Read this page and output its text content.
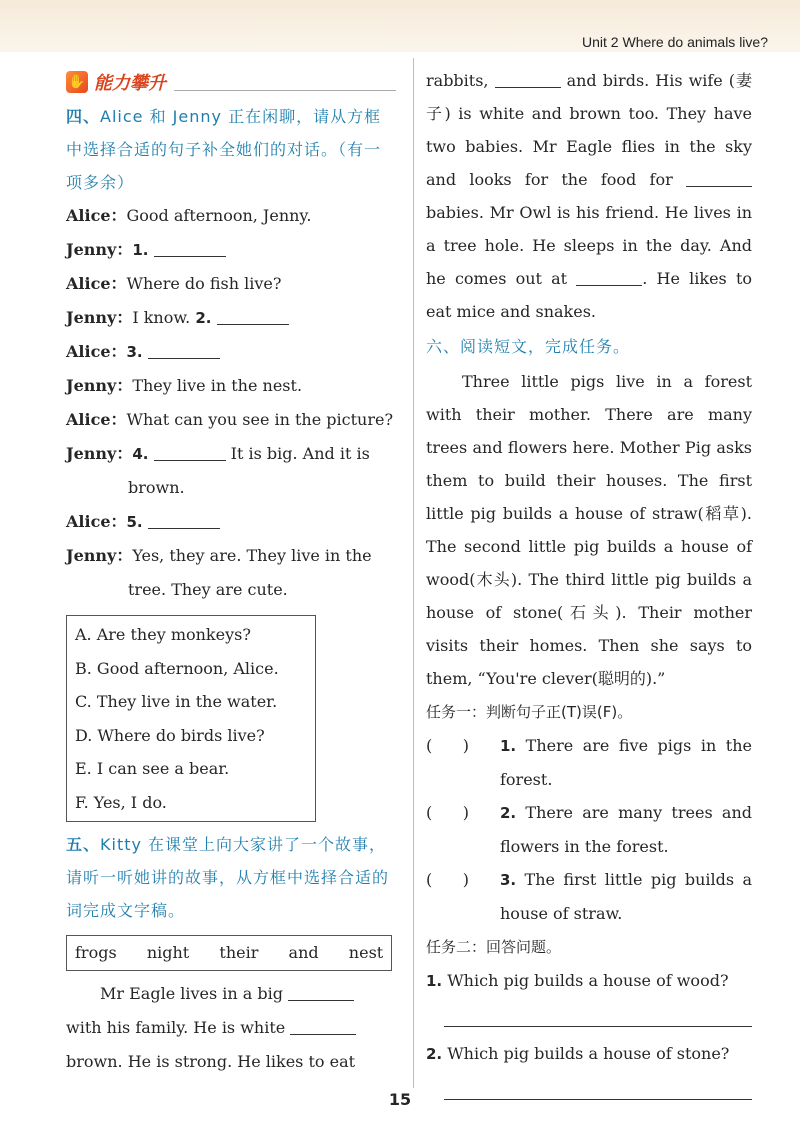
Unit 2 Where do animals live?
✋ 能力攀升
四、Alice 和 Jenny 正在闲聊，请从方框中选择合适的句子补全她们的对话。（有一项多余）
Alice：Good afternoon, Jenny.
Jenny：1.
Alice：Where do fish live?
Jenny：I know. 2.
Alice：3.
Jenny：They live in the nest.
Alice：What can you see in the picture?
Jenny：4.	It is big. And it is
brown.
Alice：5.
Jenny：Yes, they are. They live in the
tree. They are cute.
A. Are they monkeys?
B. Good afternoon, Alice.
C. They live in the water.
D. Where do birds live?
E. I can see a bear.
F. Yes, I do.
五、Kitty 在课堂上向大家讲了一个故事，请听一听她讲的故事，从方框中选择合适的词完成文字稿。
frogs  night  their  and  nest
Mr Eagle lives in a big
with his family. He is white
brown. He is strong. He likes to eat
rabbits,	and birds. His wife (妻子) is white and brown too. They have two babies. Mr Eagle flies in the sky and looks for the food for  babies. Mr Owl is his friend. He lives in a tree hole. He sleeps in the day. And he comes out at	. He likes to eat mice and snakes.
六、阅读短文，完成任务。
Three little pigs live in a forest with their mother. There are many trees and flowers here. Mother Pig asks them to build their houses. The first little pig builds a house of straw(稻草). The second little pig builds a house of wood(木头). The third little pig builds a house of stone(石头). Their mother visits their homes. Then she says to them, “You're clever(聪明的).”
任务一：判断句子正(T)误(F)。
(      )	1. There are five pigs in the forest.
(      )	2. There are many trees and flowers in the forest.
(      )	3. The first little pig builds a house of straw.
任务二：回答问题。
1. Which pig builds a house of wood?
2. Which pig builds a house of stone?
15
